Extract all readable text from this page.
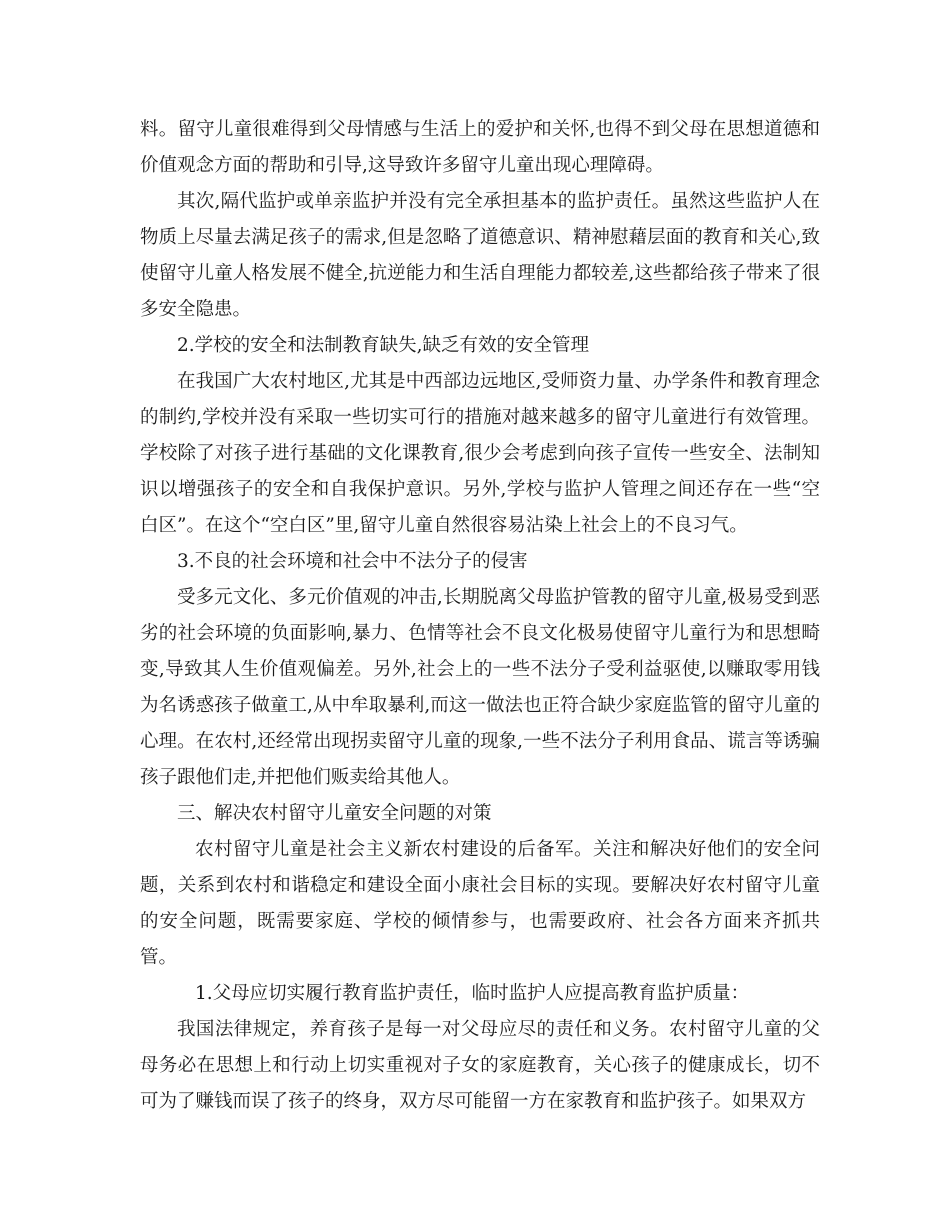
料。留守儿童很难得到父母情感与生活上的爱护和关怀,也得不到父母在思想道德和价值观念方面的帮助和引导,这导致许多留守儿童出现心理障碍。

其次,隔代监护或单亲监护并没有完全承担基本的监护责任。虽然这些监护人在物质上尽量去满足孩子的需求,但是忽略了道德意识、精神慰藉层面的教育和关心,致使留守儿童人格发展不健全,抗逆能力和生活自理能力都较差,这些都给孩子带来了很多安全隐患。

2.学校的安全和法制教育缺失,缺乏有效的安全管理

在我国广大农村地区,尤其是中西部边远地区,受师资力量、办学条件和教育理念的制约,学校并没有采取一些切实可行的措施对越来越多的留守儿童进行有效管理。学校除了对孩子进行基础的文化课教育,很少会考虑到向孩子宣传一些安全、法制知识以增强孩子的安全和自我保护意识。另外,学校与监护人管理之间还存在一些“空白区”。在这个“空白区”里,留守儿童自然很容易沾染上社会上的不良习气。

3.不良的社会环境和社会中不法分子的侵害

受多元文化、多元价值观的冲击,长期脱离父母监护管教的留守儿童,极易受到恶劣的社会环境的负面影响,暴力、色情等社会不良文化极易使留守儿童行为和思想畸变,导致其人生价值观偏差。另外,社会上的一些不法分子受利益驱使,以赚取零用钱为名诱惑孩子做童工,从中牟取暴利,而这一做法也正符合缺少家庭监管的留守儿童的心理。在农村,还经常出现拐卖留守儿童的现象,一些不法分子利用食品、谎言等诱骗孩子跟他们走,并把他们贩卖给其他人。

三、解决农村留守儿童安全问题的对策

农村留守儿童是社会主义新农村建设的后备军。关注和解决好他们的安全问题，关系到农村和谐稳定和建设全面小康社会目标的实现。要解决好农村留守儿童的安全问题，既需要家庭、学校的倾情参与，也需要政府、社会各方面来齐抓共管。

1.父母应切实履行教育监护责任，临时监护人应提高教育监护质量：

我国法律规定，养育孩子是每一对父母应尽的责任和义务。农村留守儿童的父母务必在思想上和行动上切实重视对子女的家庭教育，关心孩子的健康成长，切不可为了赚钱而误了孩子的终身，双方尽可能留一方在家教育和监护孩子。如果双方
